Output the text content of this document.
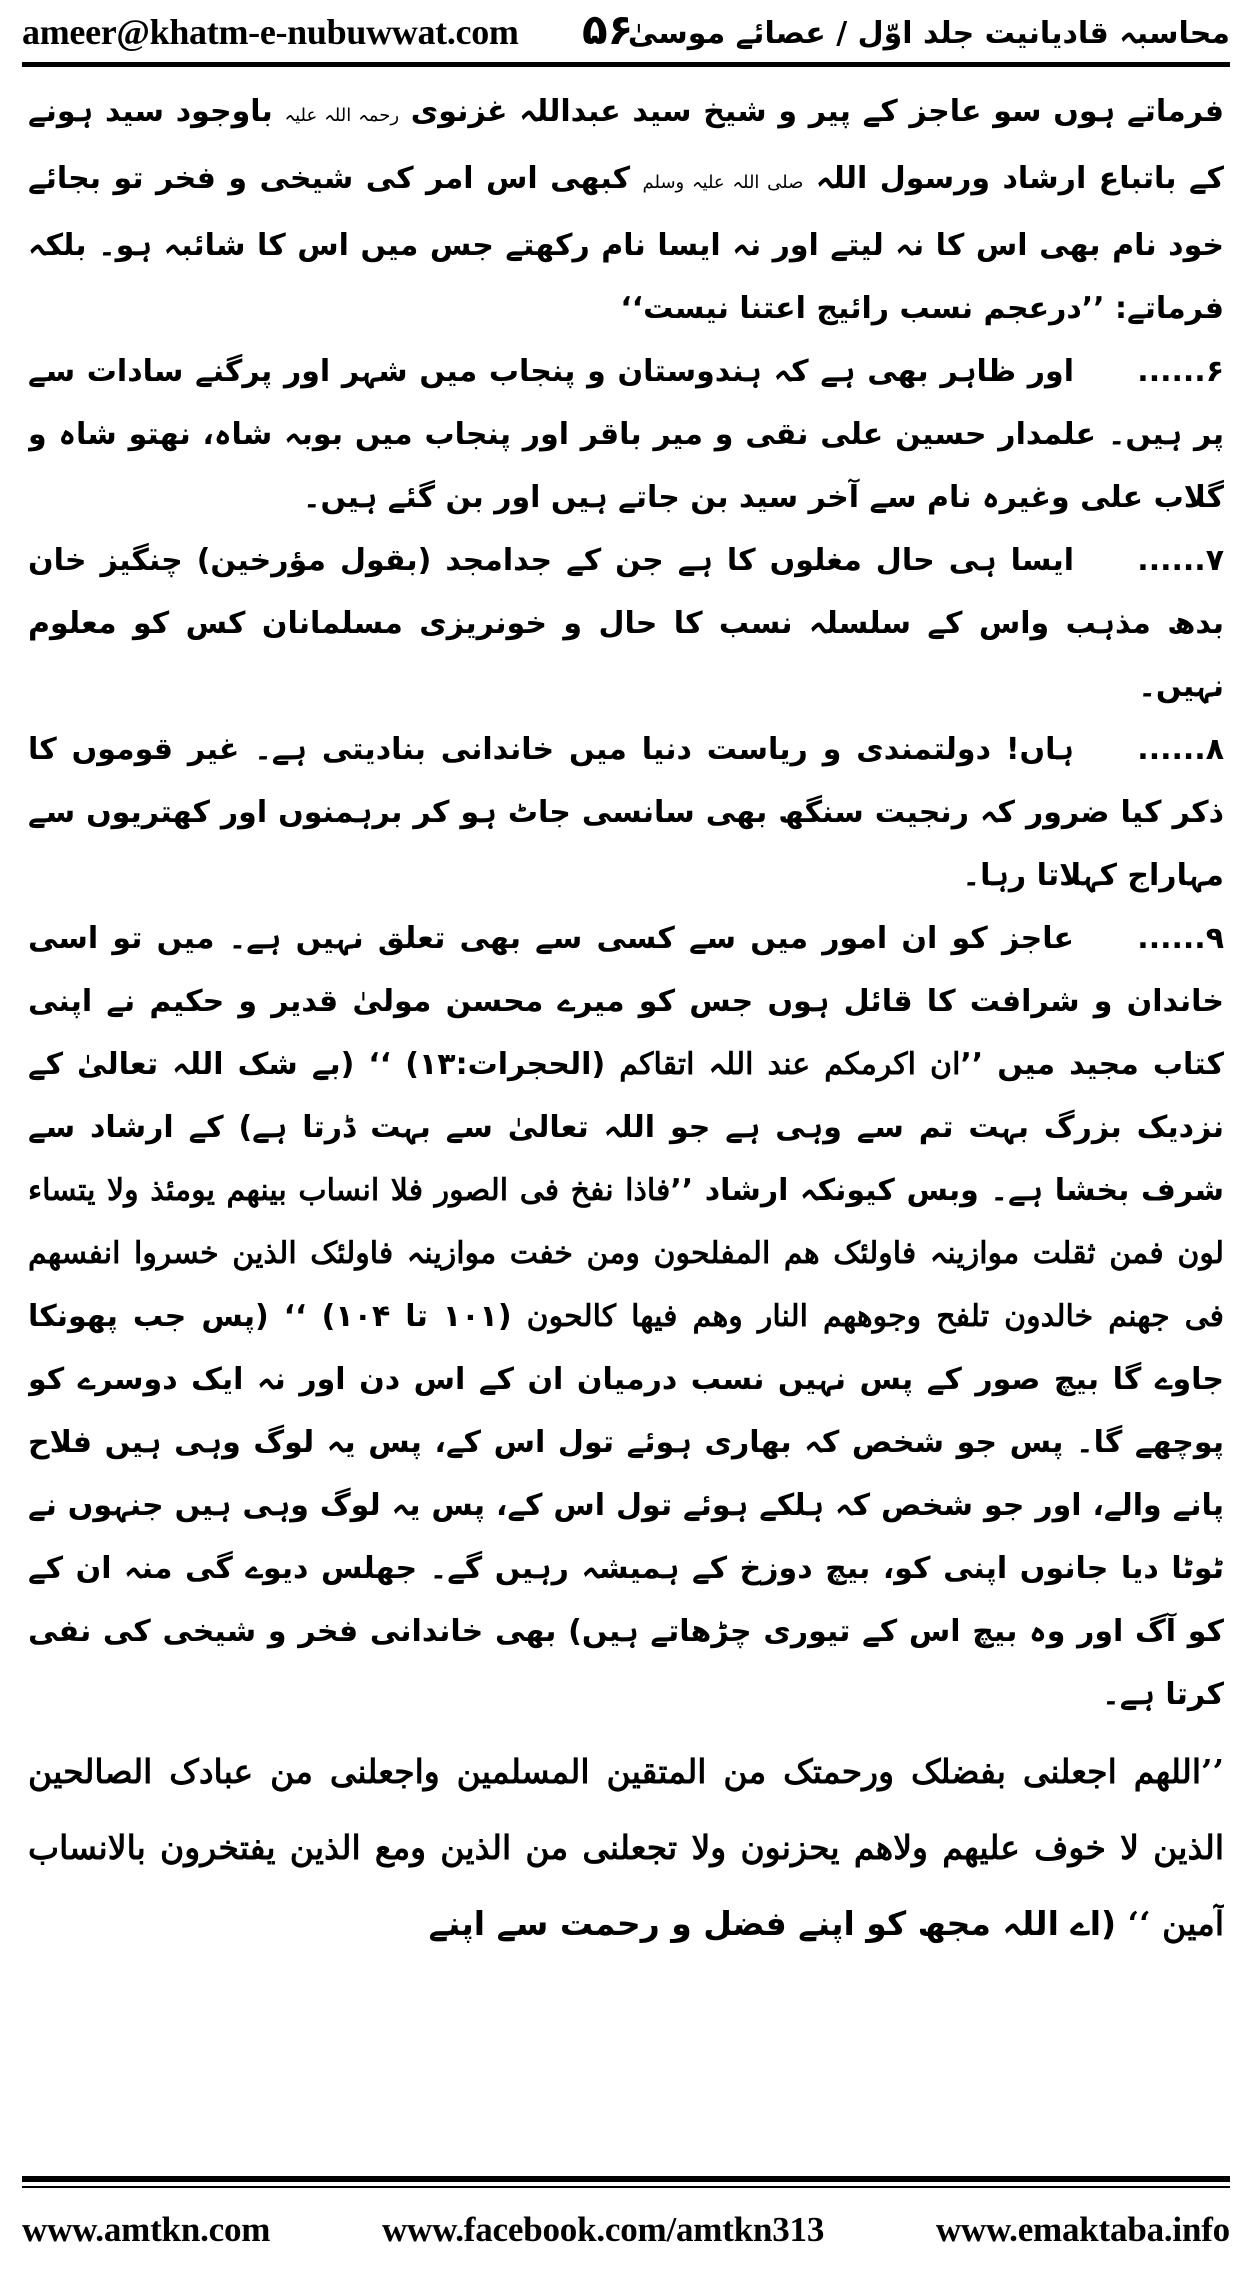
ameer@khatm-e-nubuwwat.com ۵۶
محاسبہ قادیانیت جلد اوّل / عصائے موسیٰ

فرماتے ہوں سو عاجز کے پیر و شیخ سید عبداللہ غزنوی رحمہ اللہ علیہ باوجود سید ہونے کے باتباع ارشاد ورسول اللہ صلی اللہ علیہ وسلم کبھی اس امر کی شیخی و فخر تو بجائے خود نام بھی اس کا نہ لیتے اور نہ ایسا نام رکھتے جس میں اس کا شائبہ ہو۔ بلکہ فرماتے: ’’درعجم نسب رائیج اعتنا نیست‘‘

۶......اور ظاہر بھی ہے کہ ہندوستان و پنجاب میں شہر اور پرگنے سادات سے پر ہیں۔ علمدار حسین علی نقی و میر باقر اور پنجاب میں بوبہ شاہ، نھتو شاہ و گلاب علی وغیرہ نام سے آخر سید بن جاتے ہیں اور بن گئے ہیں۔

۷......ایسا ہی حال مغلوں کا ہے جن کے جدامجد (بقول مؤرخین) چنگیز خان بدھ مذہب واس کے سلسلہ نسب کا حال و خونریزی مسلمانان کس کو معلوم نہیں۔

۸......ہاں! دولتمندی و ریاست دنیا میں خاندانی بنادیتی ہے۔ غیر قوموں کا ذکر کیا ضرور کہ رنجیت سنگھ بھی سانسی جاٹ ہو کر برہمنوں اور کھتریوں سے مہاراج کہلاتا رہا۔

۹......عاجز کو ان امور میں سے کسی سے بھی تعلق نہیں ہے۔ میں تو اسی خاندان و شرافت کا قائل ہوں جس کو میرے محسن مولیٰ قدیر و حکیم نے اپنی کتاب مجید میں ’’ان اکرمکم عند اللہ اتقاکم (الحجرات:۱۳) ‘‘ (بے شک اللہ تعالیٰ کے نزدیک بزرگ بہت تم سے وہی ہے جو اللہ تعالیٰ سے بہت ڈرتا ہے) کے ارشاد سے شرف بخشا ہے۔ وبس کیونکہ ارشاد ’’فاذا نفخ فی الصور فلا انساب بینھم یومئذ ولا یتساء لون فمن ثقلت موازینہ فاولئک ھم المفلحون ومن خفت موازینہ فاولئک الذین خسروا انفسھم فی جھنم خالدون تلفح وجوھھم النار وھم فیھا کالحون (۱۰۱ تا ۱۰۴) ‘‘ (پس جب پھونکا جاوے گا بیچ صور کے پس نہیں نسب درمیان ان کے اس دن اور نہ ایک دوسرے کو پوچھے گا۔ پس جو شخص کہ بھاری ہوئے تول اس کے، پس یہ لوگ وہی ہیں فلاح پانے والے، اور جو شخص کہ ہلکے ہوئے تول اس کے، پس یہ لوگ وہی ہیں جنہوں نے ٹوٹا دیا جانوں اپنی کو، بیچ دوزخ کے ہمیشہ رہیں گے۔ جھلس دیوے گی منہ ان کے کو آگ اور وہ بیچ اس کے تیوری چڑھاتے ہیں) بھی خاندانی فخر و شیخی کی نفی کرتا ہے۔

’’اللھم اجعلنی بفضلک ورحمتک من المتقین المسلمین واجعلنی من عبادک الصالحین الذین لا خوف علیھم ولاھم یحزنون ولا تجعلنی من الذین ومع الذین یفتخرون بالانساب آمین ‘‘ (اے اللہ مجھ کو اپنے فضل و رحمت سے اپنے

www.amtkn.com	www.facebook.com/amtkn313	www.emaktaba.info
